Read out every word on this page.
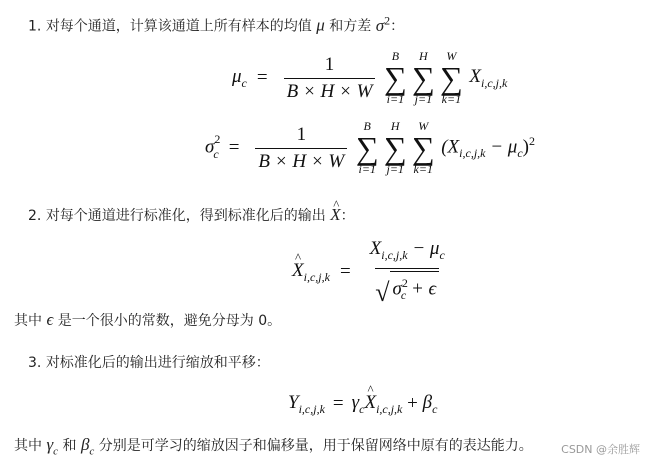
1. 对每个通道，计算该通道上所有样本的均值 μ 和方差 $\sigma^2$：
$\mu_c = \frac{1}{B \times H \times W}$ B
∑
i=1
H
∑
j=1
W
∑
k=1
$X_{i,c,j,k}$
$\sigma^2_c = \frac{1}{B \times H \times W}$ B
∑
i=1
H
∑
j=1
W
∑
k=1
$(X_{i,c,j,k} - \mu_c)^2$
2. 对每个通道进行标准化，得到标准化后的输出 ^ X：
^ $X_{i,c,j,k} = \frac{X_{i,c,j,k} - \mu_c}{√ \sigma^2_c + \epsilon}$
其中 ϵ 是一个很小的常数，避免分母为 0。
3. 对标准化后的输出进行缩放和平移：
$Y_{i,c,j,k} = \gamma_c$ ^ $X_{i,c,j,k} + \beta_c$
其中 $\gamma_c$ 和 $\beta_c$ 分别是可学习的缩放因子和偏移量，用于保留网络中原有的表达能力。	CSDN @余胜辉
